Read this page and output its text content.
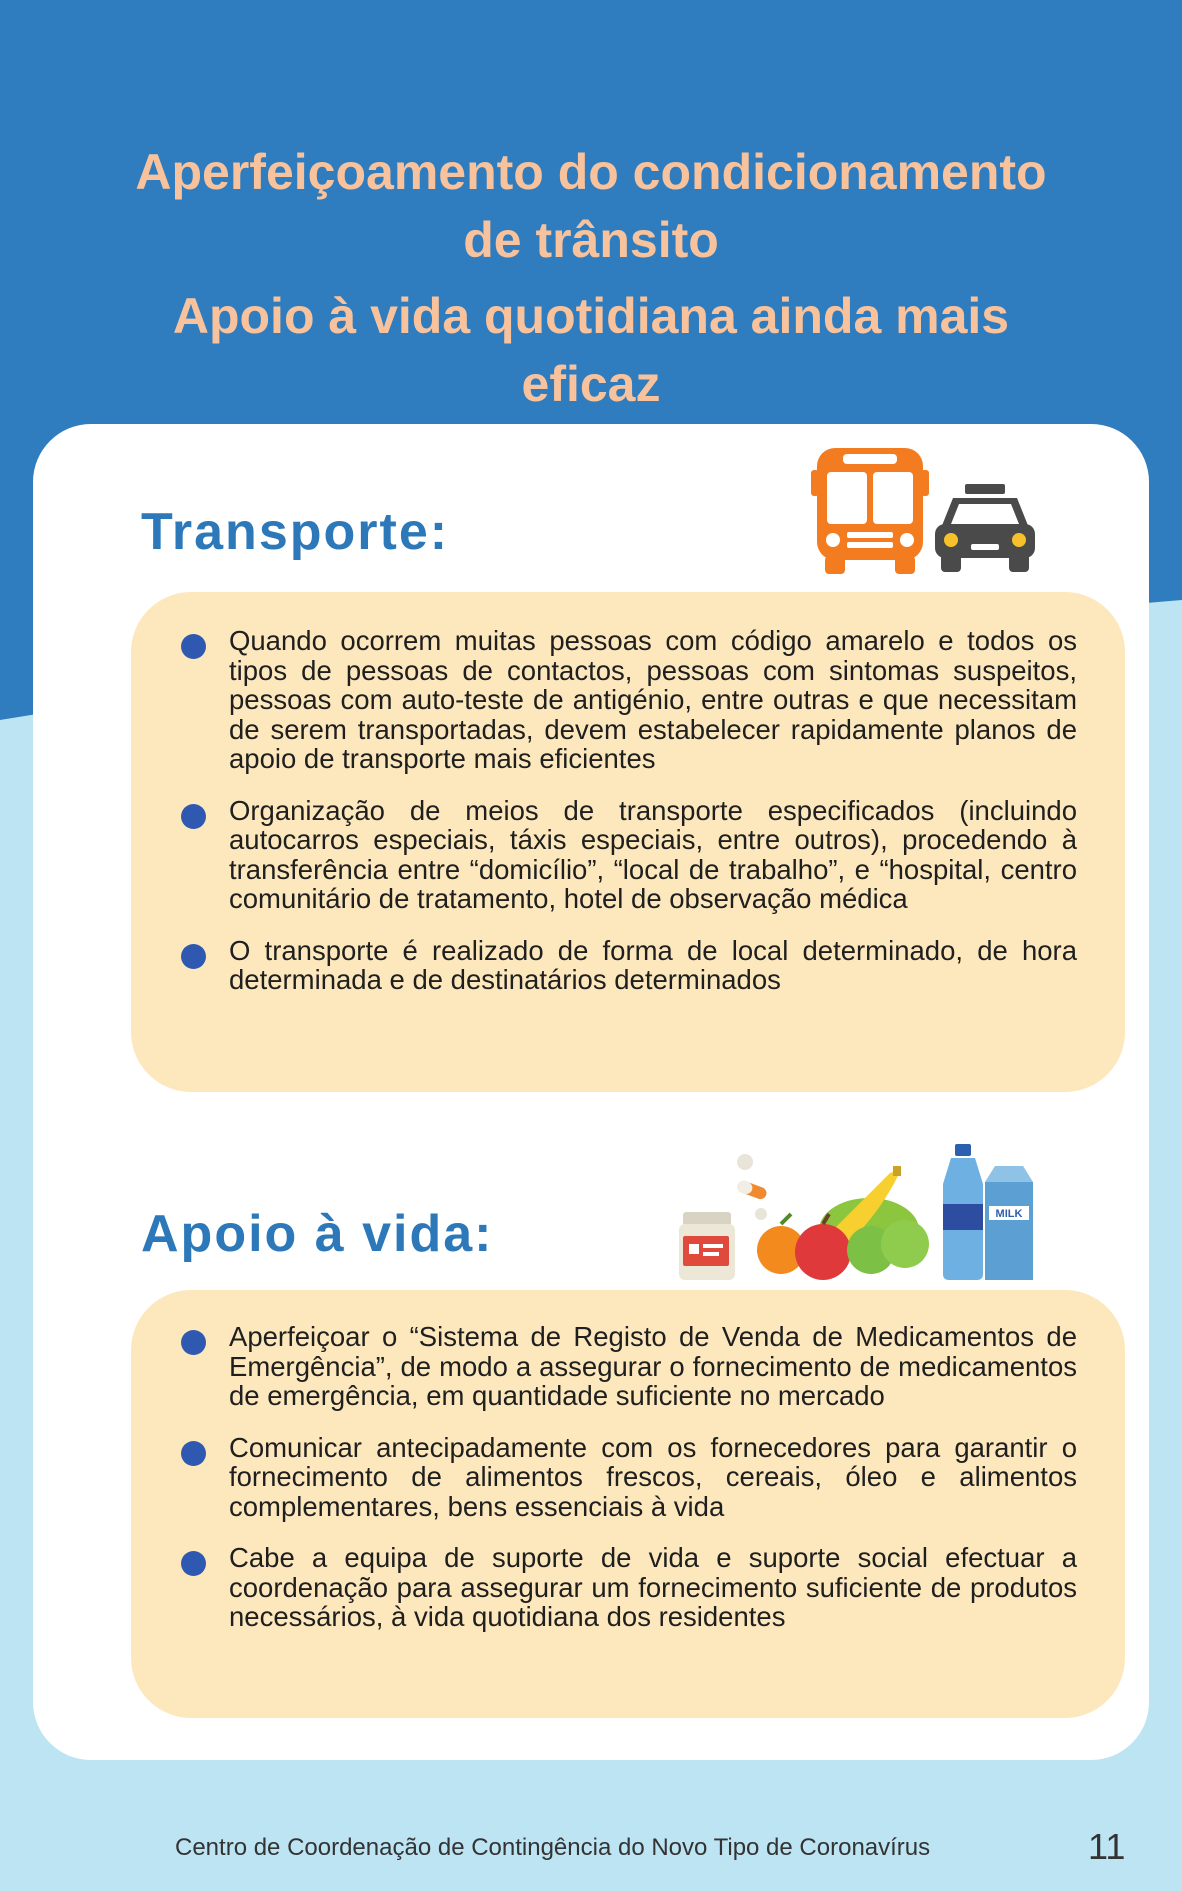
Aperfeiçoamento do condicionamento
de trânsito
Apoio à vida quotidiana ainda mais
eficaz
Transporte:
Quando ocorrem muitas pessoas com código amarelo e todos os tipos de pessoas de contactos, pessoas com sintomas suspeitos, pessoas com auto-teste de antigénio, entre outras e que necessitam de serem transportadas, devem estabelecer rapidamente planos de apoio de transporte mais eficientes
Organização de meios de transporte especificados (incluindo autocarros especiais, táxis especiais, entre outros), procedendo à transferência entre “domicílio”, “local de trabalho”, e “hospital, centro comunitário de tratamento, hotel de observação médica
O transporte é realizado de forma de local determinado, de hora determinada e de destinatários determinados
Apoio à vida:	MILK
Aperfeiçoar o “Sistema de Registo de Venda de Medicamentos de Emergência”, de modo a assegurar o fornecimento de medicamentos de emergência, em quantidade suficiente no mercado
Comunicar antecipadamente com os fornecedores para garantir o fornecimento de alimentos frescos, cereais, óleo e alimentos complementares, bens essenciais à vida
Cabe a equipa de suporte de vida e suporte social efectuar a coordenação para assegurar um fornecimento suficiente de produtos necessários, à vida quotidiana dos residentes
Centro de Coordenação de Contingência do Novo Tipo de Coronavírus	11
